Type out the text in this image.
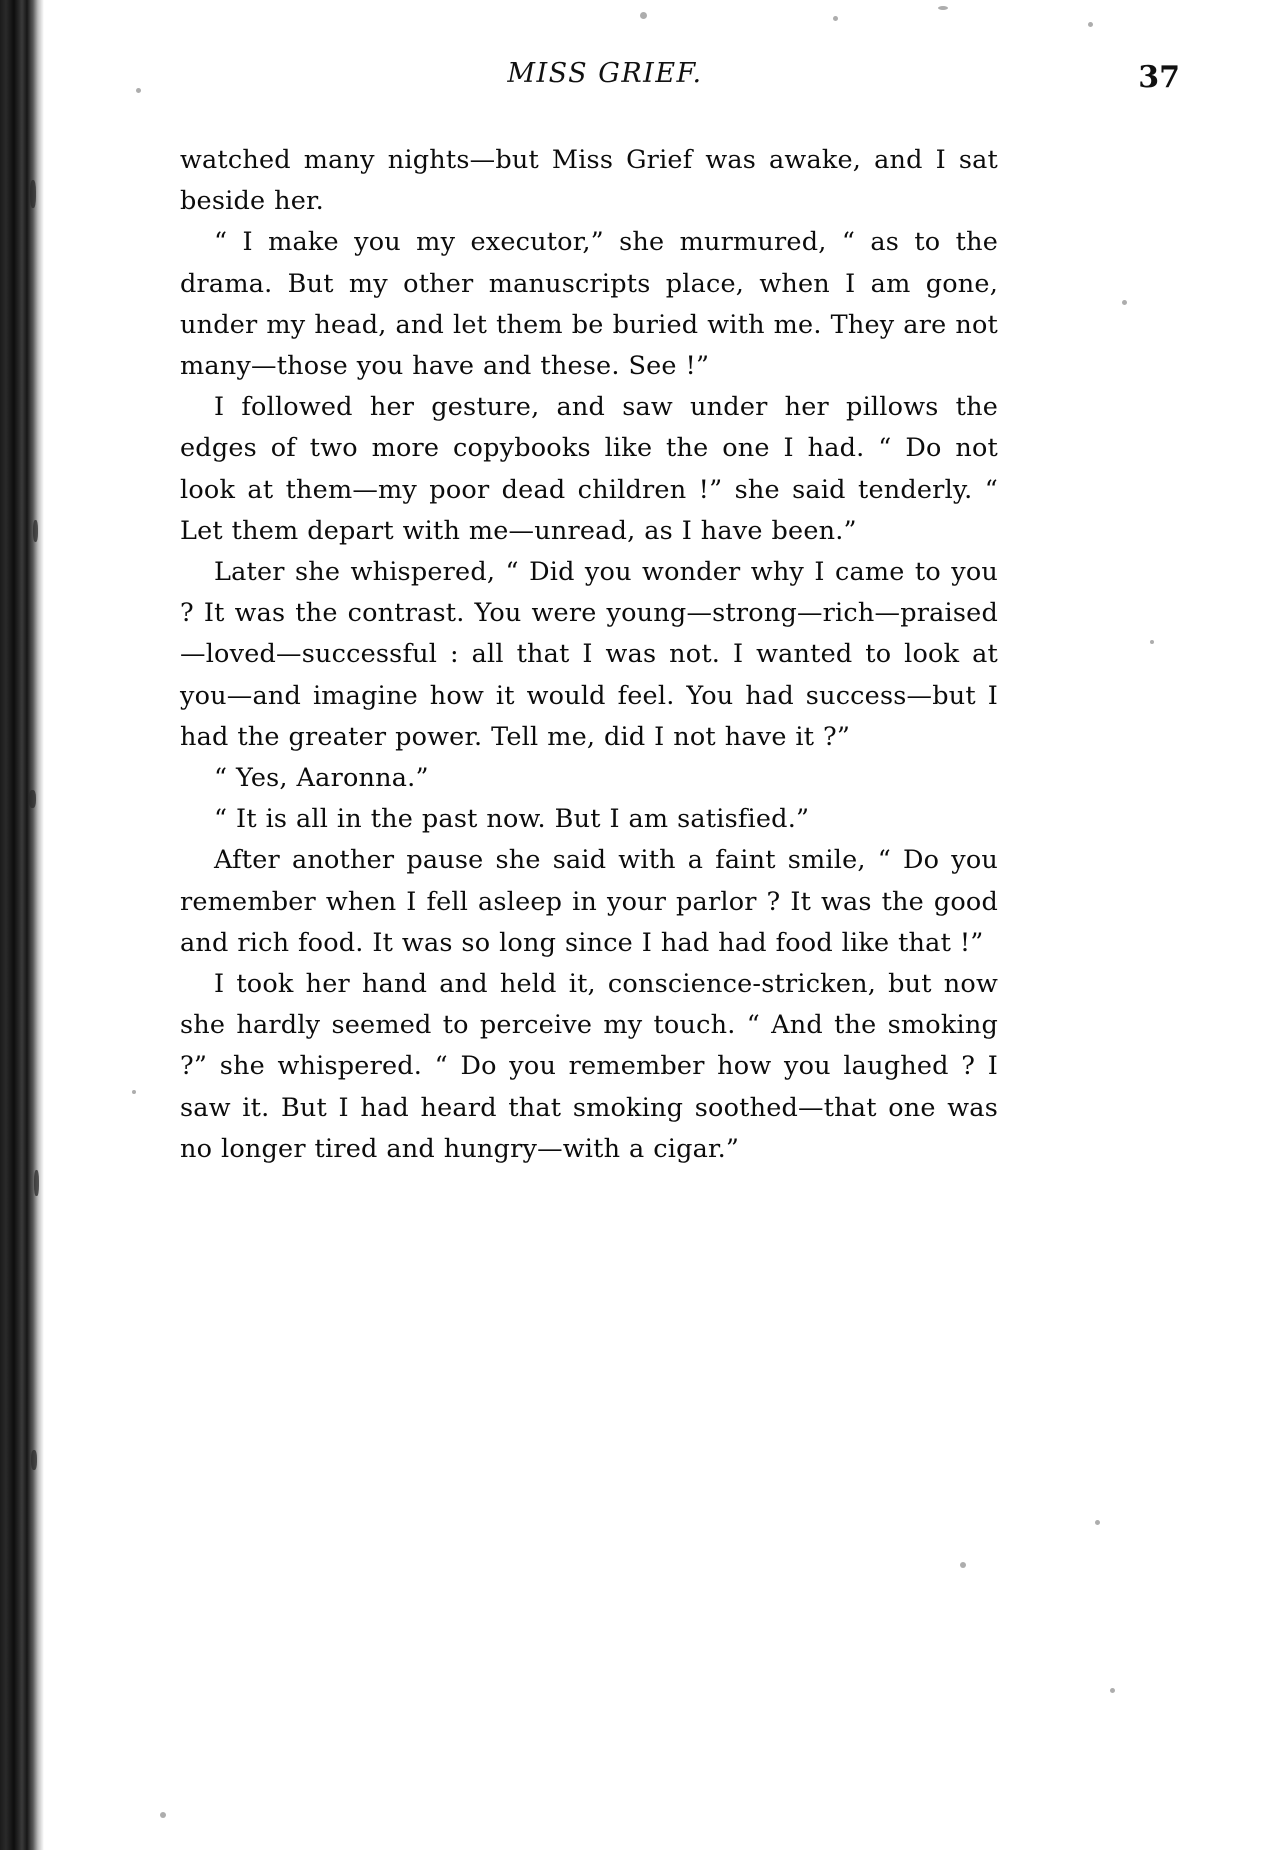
MISS GRIEF.	37

watched many nights—but Miss Grief was awake, and I sat beside her.

“ I make you my executor,” she murmured, “ as to the drama. But my other manuscripts place, when I am gone, under my head, and let them be buried with me. They are not many—those you have and these. See !”

I followed her gesture, and saw under her pillows the edges of two more copybooks like the one I had. “ Do not look at them—my poor dead children !” she said tenderly. “ Let them depart with me—unread, as I have been.”

Later she whispered, “ Did you wonder why I came to you ? It was the contrast. You were young—strong—rich—praised—loved—successful : all that I was not. I wanted to look at you—and imagine how it would feel. You had success—but I had the greater power. Tell me, did I not have it ?”

“ Yes, Aaronna.”

“ It is all in the past now. But I am satisfied.”

After another pause she said with a faint smile, “ Do you remember when I fell asleep in your parlor ? It was the good and rich food. It was so long since I had had food like that !”

I took her hand and held it, conscience-stricken, but now she hardly seemed to perceive my touch. “ And the smoking ?” she whispered. “ Do you remember how you laughed ? I saw it. But I had heard that smoking soothed—that one was no longer tired and hungry—with a cigar.”
